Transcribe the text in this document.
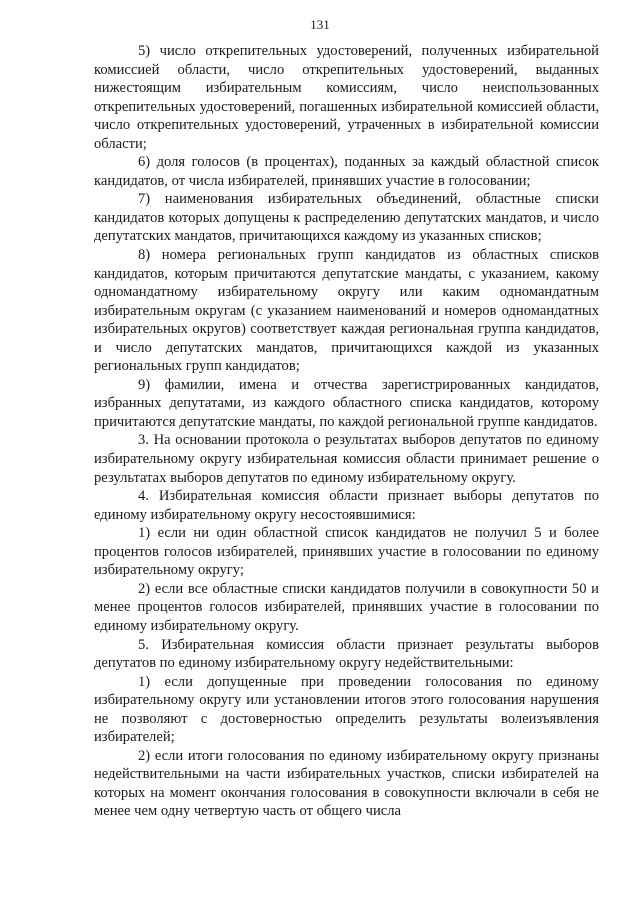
131

5) число открепительных удостоверений, полученных избирательной комиссией области, число открепительных удостоверений, выданных нижестоящим избирательным комиссиям, число неиспользованных открепительных удостоверений, погашенных избирательной комиссией области, число открепительных удостоверений, утраченных в избирательной комиссии области;

6) доля голосов (в процентах), поданных за каждый областной список кандидатов, от числа избирателей, принявших участие в голосовании;

7) наименования избирательных объединений, областные списки кандидатов которых допущены к распределению депутатских мандатов, и число депутатских мандатов, причитающихся каждому из указанных списков;

8) номера региональных групп кандидатов из областных списков кандидатов, которым причитаются депутатские мандаты, с указанием, какому одномандатному избирательному округу или каким одномандатным избирательным округам (с указанием наименований и номеров одномандатных избирательных округов) соответствует каждая региональная группа кандидатов, и число депутатских мандатов, причитающихся каждой из указанных региональных групп кандидатов;

9) фамилии, имена и отчества зарегистрированных кандидатов, избранных депутатами, из каждого областного списка кандидатов, которому причитаются депутатские мандаты, по каждой региональной группе кандидатов.

3. На основании протокола о результатах выборов депутатов по единому избирательному округу избирательная комиссия области принимает решение о результатах выборов депутатов по единому избирательному округу.

4. Избирательная комиссия области признает выборы депутатов по единому избирательному округу несостоявшимися:

1) если ни один областной список кандидатов не получил 5 и более процентов голосов избирателей, принявших участие в голосовании по единому избирательному округу;

2) если все областные списки кандидатов получили в совокупности 50 и менее процентов голосов избирателей, принявших участие в голосовании по единому избирательному округу.

5. Избирательная комиссия области признает результаты выборов депутатов по единому избирательному округу недействительными:

1) если допущенные при проведении голосования по единому избирательному округу или установлении итогов этого голосования нарушения не позволяют с достоверностью определить результаты волеизъявления избирателей;

2) если итоги голосования по единому избирательному округу признаны недействительными на части избирательных участков, списки избирателей на которых на момент окончания голосования в совокупности включали в себя не менее чем одну четвертую часть от общего числа
